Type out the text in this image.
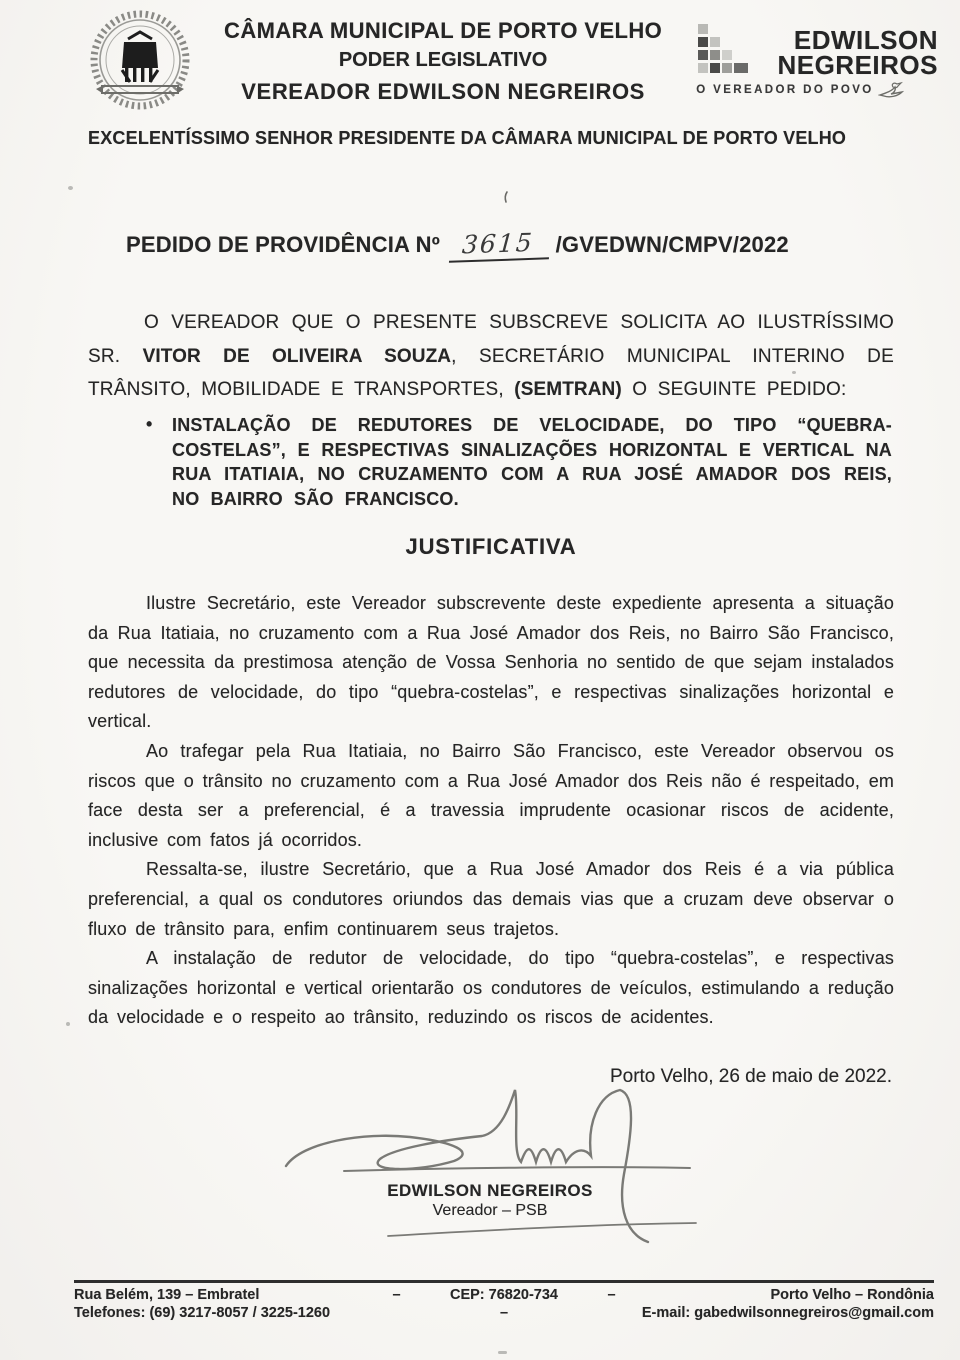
CÂMARA MUNICIPAL DE PORTO VELHO
PODER LEGISLATIVO
VEREADOR EDWILSON NEGREIROS
EDWILSON
NEGREIROS
O VEREADOR DO POVO
EXCELENTÍSSIMO SENHOR PRESIDENTE DA CÂMARA MUNICIPAL DE PORTO VELHO
PEDIDO DE PROVIDÊNCIA Nº 3615 /GVEDWN/CMPV/2022
O VEREADOR QUE O PRESENTE SUBSCREVE SOLICITA AO ILUSTRÍSSIMO SR. VITOR DE OLIVEIRA SOUZA, SECRETÁRIO MUNICIPAL INTERINO DE TRÂNSITO, MOBILIDADE E TRANSPORTES, (SEMTRAN) O SEGUINTE PEDIDO:
•	INSTALAÇÃO DE REDUTORES DE VELOCIDADE, DO TIPO “QUEBRA-COSTELAS”, E RESPECTIVAS SINALIZAÇÕES HORIZONTAL E VERTICAL NA RUA ITATIAIA, NO CRUZAMENTO COM A RUA JOSÉ AMADOR DOS REIS, NO BAIRRO SÃO FRANCISCO.
JUSTIFICATIVA

Ilustre Secretário, este Vereador subscrevente deste expediente apresenta a situação da Rua Itatiaia, no cruzamento com a Rua José Amador dos Reis, no Bairro São Francisco, que necessita da prestimosa atenção de Vossa Senhoria no sentido de que sejam instalados redutores de velocidade, do tipo “quebra-costelas”, e respectivas sinalizações horizontal e vertical.

Ao trafegar pela Rua Itatiaia, no Bairro São Francisco, este Vereador observou os riscos que o trânsito no cruzamento com a Rua José Amador dos Reis não é respeitado, em face desta ser a preferencial, é a travessia imprudente ocasionar riscos de acidente, inclusive com fatos já ocorridos.

Ressalta-se, ilustre Secretário, que a Rua José Amador dos Reis é a via pública preferencial, a qual os condutores oriundos das demais vias que a cruzam deve observar o fluxo de trânsito para, enfim continuarem seus trajetos.

A instalação de redutor de velocidade, do tipo “quebra-costelas”, e respectivas sinalizações horizontal e vertical orientarão os condutores de veículos, estimulando a redução da velocidade e o respeito ao trânsito, reduzindo os riscos de acidentes.

Porto Velho, 26 de maio de 2022.
EDWILSON NEGREIROS
Vereador – PSB
Rua Belém, 139 – Embratel	–	CEP: 76820-734	–	Porto Velho – Rondônia
Telefones: (69) 3217-8057 / 3225-1260	–	E-mail: gabedwilsonnegreiros@gmail.com
